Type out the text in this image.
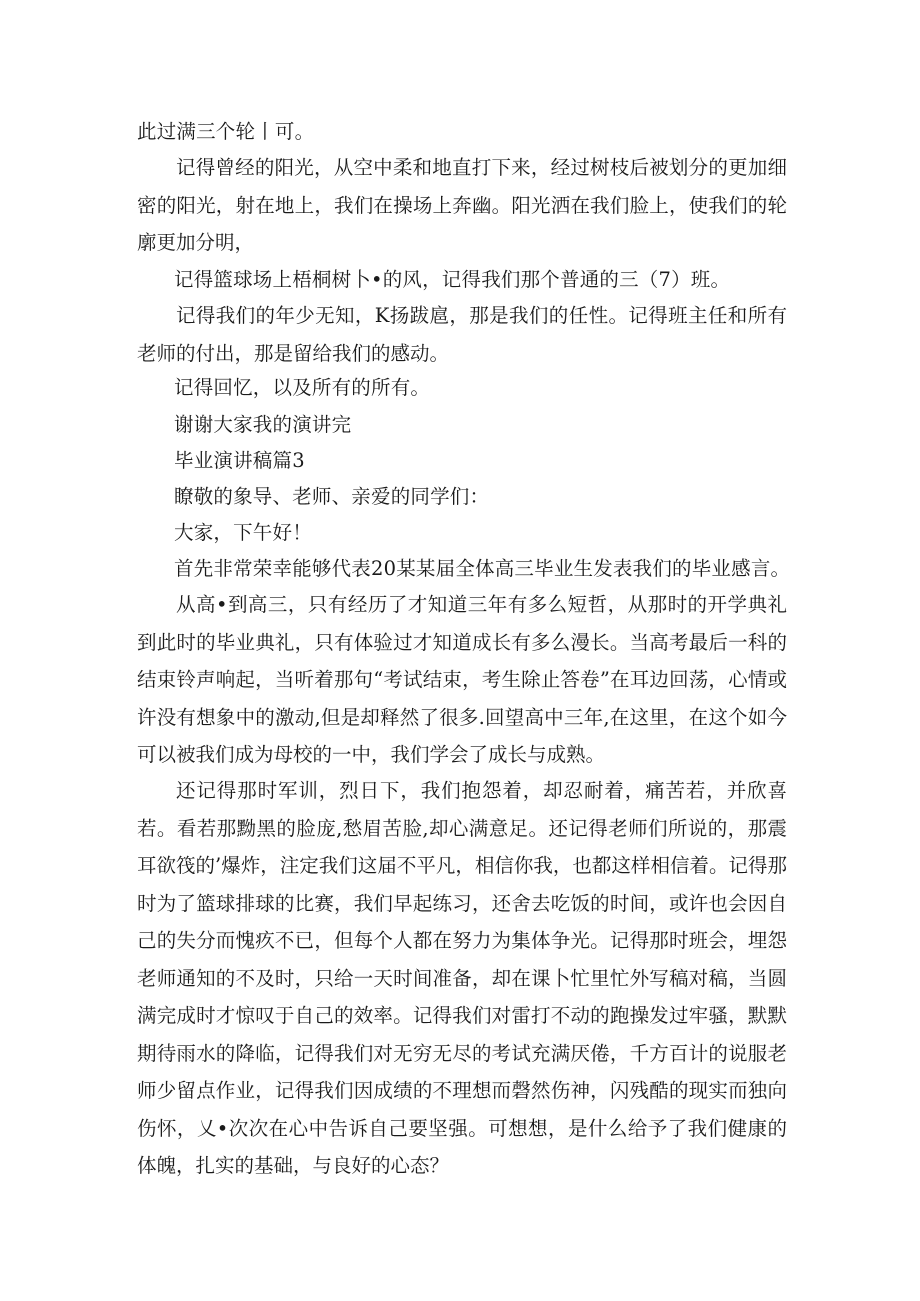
此过满三个轮丨可。
记得曾经的阳光，从空中柔和地直打下来，经过树枝后被划分的更加细密的阳光，射在地上，我们在操场上奔幽。阳光洒在我们脸上，使我们的轮廓更加分明，
记得篮球场上梧桐树卜•的风，记得我们那个普通的三（7）班。
记得我们的年少无知，K扬跋扈，那是我们的任性。记得班主任和所有老师的付出，那是留给我们的感动。
记得回忆，以及所有的所有。
谢谢大家我的演讲完
毕业演讲稿篇3
瞭敬的象导、老师、亲爱的同学们：
大家，下午好！
首先非常荣幸能够代表20某某届全体高三毕业生发表我们的毕业感言。
从高•到高三，只有经历了才知道三年有多么短哲，从那时的开学典礼到此时的毕业典礼，只有体验过才知道成长有多么漫长。当高考最后一科的结束铃声响起，当听着那句“考试结束，考生除止答卷”在耳边回荡，心情或许没有想象中的激动,但是却释然了很多.回望高中三年,在这里，在这个如今可以被我们成为母校的一中，我们学会了成长与成熟。
还记得那时军训，烈日下，我们抱怨着，却忍耐着，痛苦若，并欣喜若。看若那黝黑的脸庞,愁眉苦脸,却心满意足。还记得老师们所说的，那震耳欲筏的’爆炸，注定我们这届不平凡，相信你我，也都这样相信着。记得那时为了篮球排球的比赛，我们早起练习，还舍去吃饭的时间，或许也会因自己的失分而愧疚不已，但每个人都在努力为集体争光。记得那时班会，埋怨老师通知的不及时，只给一天时间准备，却在课卜忙里忙外写稿对稿，当圆满完成时才惊叹于自己的效率。记得我们对雷打不动的跑操发过牢骚，默默期待雨水的降临，记得我们对无穷无尽的考试充满厌倦，千方百计的说服老师少留点作业，记得我们因成绩的不理想而磬然伤神，闪残酷的现实而独向伤怀，乂•次次在心中告诉自己要坚强。可想想，是什么给予了我们健康的体魄，扎实的基础，与良好的心态？
